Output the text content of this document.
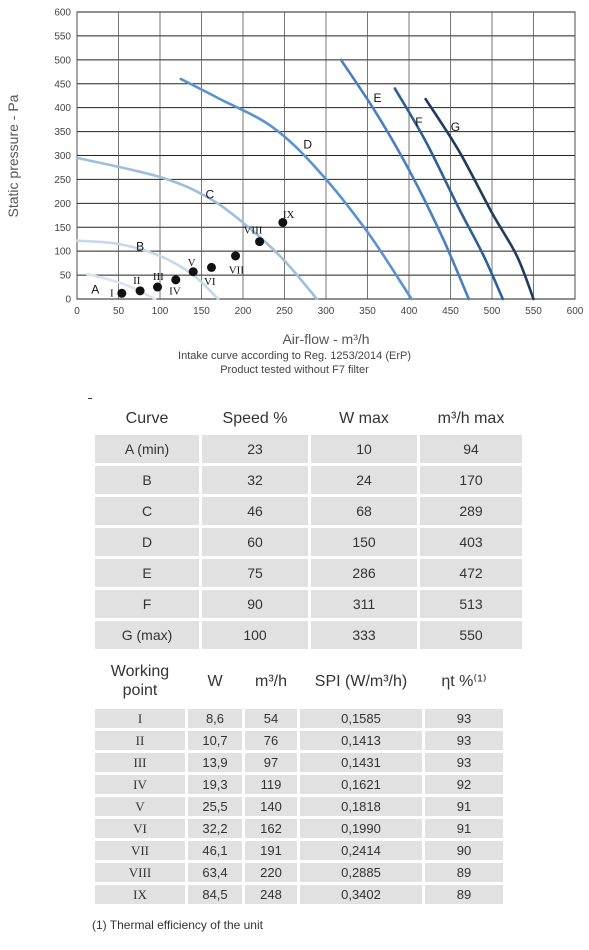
A
B
C
D
E
F G
I
II III
IV
V
VI
VII
VIII
IX
0	50	100 150 200 250 300 350 400 450 500 550 600
0
50
100
150
200
250
300
350
400
450
500
550
600
Air-flow - m³/h
Static pressure - Pa
Intake curve according to Reg. 1253/2014 (ErP)
Product tested without F7 filter
Curve	Speed %	W max	m³/h max
A (min)	23	10	94
B	32	24	170
C	46	68	289
D	60	150	403
E	75	286	472
F	90	311	513
G (max)	100	333	550
Working point	W	m³/h	SPI (W/m³/h)	ηt %⁽¹⁾
I	8,6	54	0,1585	93
II	10,7	76	0,1413	93
III	13,9	97	0,1431	93
IV	19,3	119	0,1621	92
V	25,5	140	0,1818	91
VI	32,2	162	0,1990	91
VII	46,1	191	0,2414	90
VIII	63,4	220	0,2885	89
IX	84,5	248	0,3402	89
(1) Thermal efficiency of the unit
